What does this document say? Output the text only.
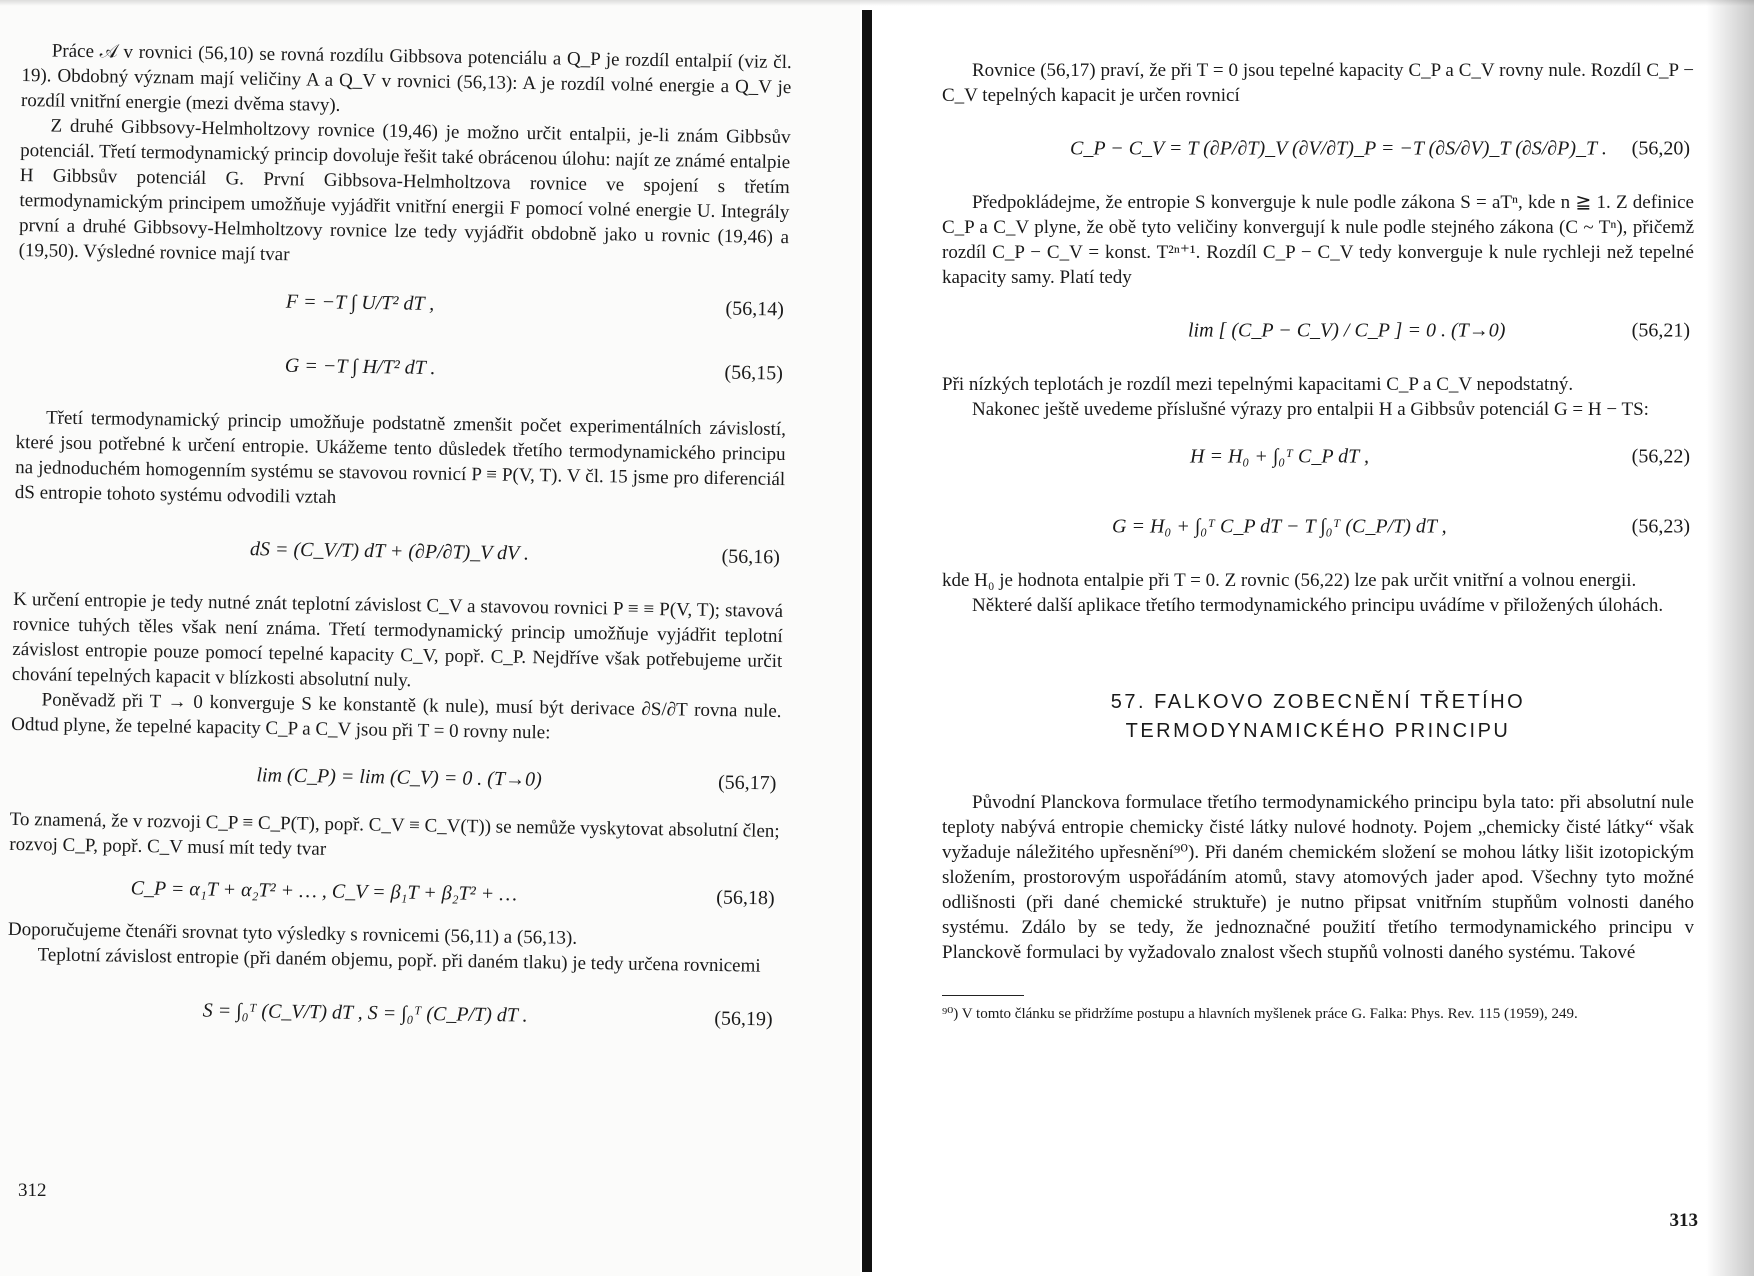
Práce 𝒜 v rovnici (56,10) se rovná rozdílu Gibbsova potenciálu a Q_P je rozdíl entalpií (viz čl. 19). Obdobný význam mají veličiny A a Q_V v rovnici (56,13): A je rozdíl volné energie a Q_V je rozdíl vnitřní energie (mezi dvěma stavy).

Z druhé Gibbsovy-Helmholtzovy rovnice (19,46) je možno určit entalpii, je-li znám Gibbsův potenciál. Třetí termodynamický princip dovoluje řešit také obrácenou úlohu: najít ze známé entalpie H Gibbsův potenciál G. První Gibbsova-Helmholtzova rovnice ve spojení s třetím termodynamickým principem umožňuje vyjádřit vnitřní energii F pomocí volné energie U. Integrály první a druhé Gibbsovy-Helmholtzovy rovnice lze tedy vyjádřit obdobně jako u rovnic (19,46) a (19,50). Výsledné rovnice mají tvar

F = −T ∫ U/T² dT ,	(56,14)
G = −T ∫ H/T² dT .	(56,15)

Třetí termodynamický princip umožňuje podstatně zmenšit počet experimentálních závislostí, které jsou potřebné k určení entropie. Ukážeme tento důsledek třetího termodynamického principu na jednoduchém homogenním systému se stavovou rovnicí P ≡ P(V, T). V čl. 15 jsme pro diferenciál dS entropie tohoto systému odvodili vztah

dS = (C_V/T) dT + (∂P/∂T)_V dV .	(56,16)

K určení entropie je tedy nutné znát teplotní závislost C_V a stavovou rovnici P ≡ ≡ P(V, T); stavová rovnice tuhých těles však není známa. Třetí termodynamický princip umožňuje vyjádřit teplotní závislost entropie pouze pomocí tepelné kapacity C_V, popř. C_P. Nejdříve však potřebujeme určit chování tepelných kapacit v blízkosti absolutní nuly.

Poněvadž při T → 0 konverguje S ke konstantě (k nule), musí být derivace ∂S/∂T rovna nule. Odtud plyne, že tepelné kapacity C_P a C_V jsou při T = 0 rovny nule:

lim (C_P) = lim (C_V) = 0 . (T→0)	(56,17)

To znamená, že v rozvoji C_P ≡ C_P(T), popř. C_V ≡ C_V(T)) se nemůže vyskytovat absolutní člen; rozvoj C_P, popř. C_V musí mít tedy tvar

C_P = α₁T + α₂T² + … , C_V = β₁T + β₂T² + …	(56,18)

Doporučujeme čtenáři srovnat tyto výsledky s rovnicemi (56,11) a (56,13).

Teplotní závislost entropie (při daném objemu, popř. při daném tlaku) je tedy určena rovnicemi

S = ∫₀ᵀ (C_V/T) dT , S = ∫₀ᵀ (C_P/T) dT .	(56,19)
312

Rovnice (56,17) praví, že při T = 0 jsou tepelné kapacity C_P a C_V rovny nule. Rozdíl C_P − C_V tepelných kapacit je určen rovnicí

C_P − C_V = T (∂P/∂T)_V (∂V/∂T)_P = −T (∂S/∂V)_T (∂S/∂P)_T . (56,20)

Předpokládejme, že entropie S konverguje k nule podle zákona S = aTⁿ, kde n ≧ 1. Z definice C_P a C_V plyne, že obě tyto veličiny konvergují k nule podle stejného zákona (C ~ Tⁿ), přičemž rozdíl C_P − C_V = konst. T²ⁿ⁺¹. Rozdíl C_P − C_V tedy konverguje k nule rychleji než tepelné kapacity samy. Platí tedy

lim [ (C_P − C_V) / C_P ] = 0 . (T→0)	(56,21)

Při nízkých teplotách je rozdíl mezi tepelnými kapacitami C_P a C_V nepodstatný.

Nakonec ještě uvedeme příslušné výrazy pro entalpii H a Gibbsův potenciál G = H − TS:

H = H₀ + ∫₀ᵀ C_P dT ,	(56,22)
G = H₀ + ∫₀ᵀ C_P dT − T ∫₀ᵀ (C_P/T) dT ,	(56,23)

kde H₀ je hodnota entalpie při T = 0. Z rovnic (56,22) lze pak určit vnitřní a volnou energii.

Některé další aplikace třetího termodynamického principu uvádíme v přiložených úlohách.

57. FALKOVO ZOBECNĚNÍ TŘETÍHO
TERMODYNAMICKÉHO PRINCIPU

Původní Planckova formulace třetího termodynamického principu byla tato: při absolutní nule teploty nabývá entropie chemicky čisté látky nulové hodnoty. Pojem „chemicky čisté látky“ však vyžaduje náležitého upřesnění⁹⁰). Při daném chemickém složení se mohou látky lišit izotopickým složením, prostorovým uspořádáním atomů, stavy atomových jader apod. Všechny tyto možné odlišnosti (při dané chemické struktuře) je nutno připsat vnitřním stupňům volnosti daného systému. Zdálo by se tedy, že jednoznačné použití třetího termodynamického principu v Planckově formulaci by vyžadovalo znalost všech stupňů volnosti daného systému. Takové

⁹⁰) V tomto článku se přidržíme postupu a hlavních myšlenek práce G. Falka: Phys. Rev. 115 (1959), 249.

313
